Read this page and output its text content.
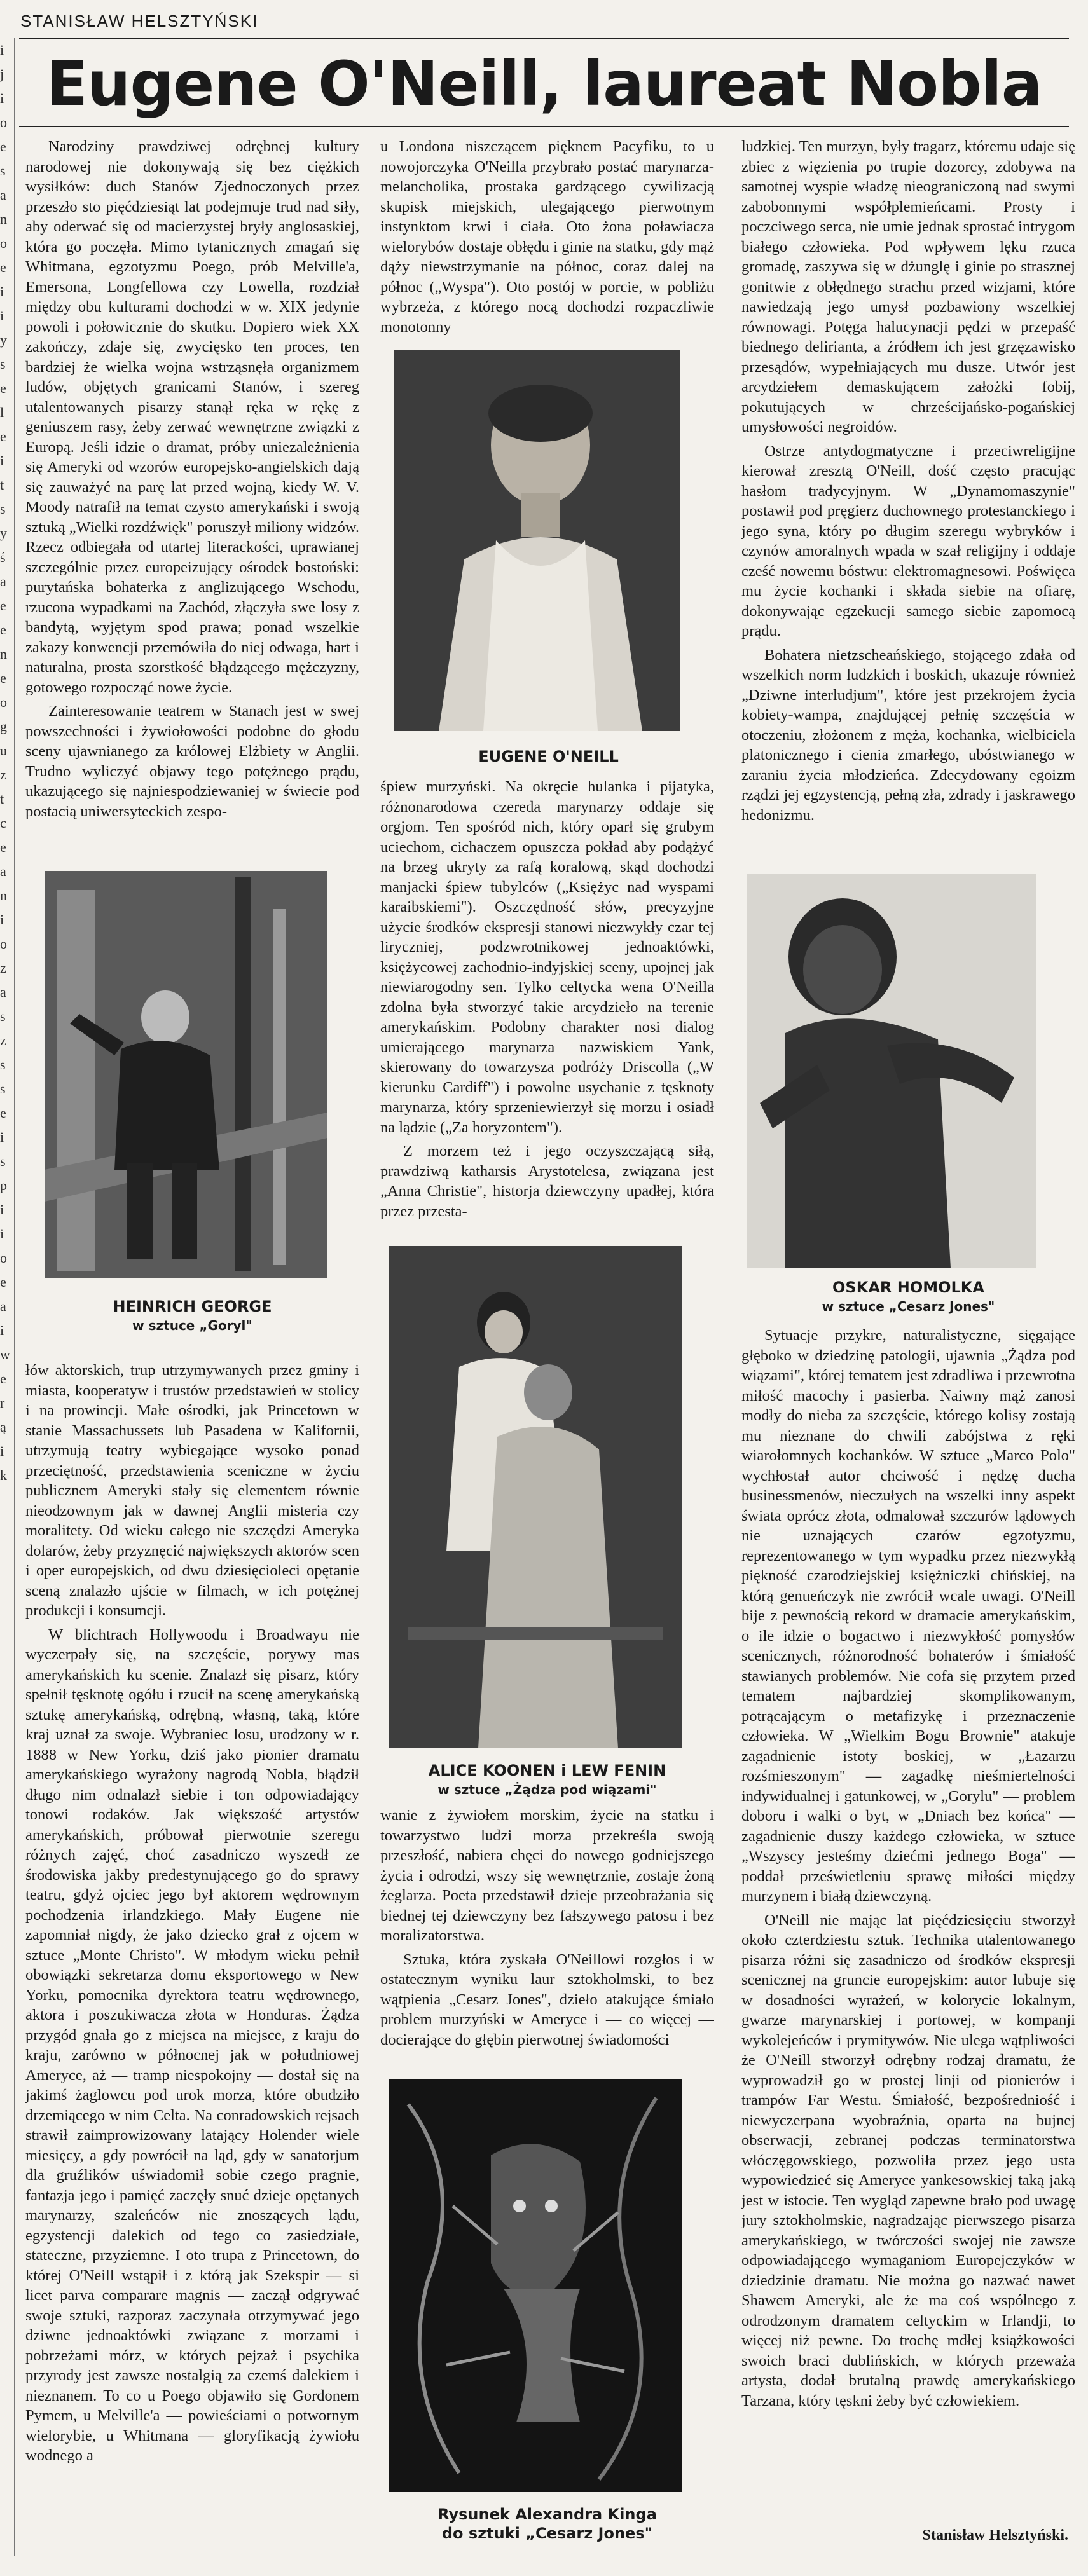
i
j
i
o
e
s
a
n
o
e
i
i
y
s
e
l
e
i
t
s
y
ś
a
e
e
n
e
o
g
u
z
t
c
e
a
n
i
o
z
a
s
z
s
s
e
i
s
p
i
i
o
e
a
i
w
e
r
ą
i
k
STANISŁAW HELSZTYŃSKI
Eugene O'Neill, laureat Nobla

Narodziny prawdziwej odrębnej kultury narodowej nie dokonywają się bez ciężkich wysiłków: duch Stanów Zjednoczonych przez przeszło sto pięćdziesiąt lat podejmuje trud nad siły, aby oderwać się od macierzystej bryły anglosaskiej, która go poczęła. Mimo tytanicznych zmagań się Whitmana, egzotyzmu Poego, prób Melville'a, Emersona, Longfellowa czy Lowella, rozdział między obu kulturami dochodzi w w. XIX jedynie powoli i połowicznie do skutku. Dopiero wiek XX zakończy, zdaje się, zwycięsko ten proces, ten bardziej że wielka wojna wstrząsnęła organizmem ludów, objętych granicami Stanów, i szereg utalentowanych pisarzy stanął ręka w rękę z geniuszem rasy, żeby zerwać wewnętrzne związki z Europą. Jeśli idzie o dramat, próby uniezależnienia się Ameryki od wzorów europejsko-angielskich dają się zauważyć na parę lat przed wojną, kiedy W. V. Moody natrafił na temat czysto amerykański i swoją sztuką „Wielki rozdźwięk" poruszył miliony widzów. Rzecz odbiegała od utartej literackości, uprawianej szczególnie przez europeizujący ośrodek bostoński: purytańska bohaterka z anglizującego Wschodu, rzucona wypadkami na Zachód, złączyła swe losy z bandytą, wyjętym spod prawa; ponad wszelkie zakazy konwencji przemówiła do niej odwaga, hart i naturalna, prosta szorstkość błądzącego mężczyzny, gotowego rozpocząć nowe życie.

Zainteresowanie teatrem w Stanach jest w swej powszechności i żywiołowości podobne do głodu sceny ujawnianego za królowej Elżbiety w Anglii. Trudno wyliczyć objawy tego potężnego prądu, ukazującego się najniespodziewaniej w świecie pod postacią uniwersyteckich zespo-

u Londona niszczącem pięknem Pacyfiku, to u nowojorczyka O'Neilla przybrało postać marynarza-melancholika, prostaka gardzącego cywilizacją skupisk miejskich, ulegającego pierwotnym instynktom krwi i ciała. Oto żona poławiacza wielorybów dostaje obłędu i ginie na statku, gdy mąż dąży niewstrzymanie na północ, coraz dalej na północ („Wyspa"). Oto postój w porcie, w pobliżu wybrzeża, z którego nocą dochodzi rozpaczliwie monotonny

EUGENE O'NEILL

śpiew murzyński. Na okręcie hulanka i pijatyka, różnonarodowa czereda marynarzy oddaje się orgjom. Ten spośród nich, który oparł się grubym uciechom, cichaczem opuszcza pokład aby podążyć na brzeg ukryty za rafą koralową, skąd dochodzi manjacki śpiew tubylców („Księżyc nad wyspami karaibskiemi"). Oszczędność słów, precyzyjne użycie środków ekspresji stanowi niezwykły czar tej liryczniej, podzwrotnikowej jednoaktówki, księżycowej zachodnio-indyjskiej sceny, upojnej jak niewiarogodny sen. Tylko celtycka wena O'Neilla zdolna była stworzyć takie arcydzieło na terenie amerykańskim. Podobny charakter nosi dialog umierającego marynarza nazwiskiem Yank, skierowany do towarzysza podróży Driscolla („W kierunku Cardiff") i powolne usychanie z tęsknoty marynarza, który sprzeniewierzył się morzu i osiadł na lądzie („Za horyzontem").

Z morzem też i jego oczyszczającą siłą, prawdziwą katharsis Arystotelesa, związana jest „Anna Christie", historja dziewczyny upadłej, która przez przesta-

ludzkiej. Ten murzyn, były tragarz, któremu udaje się zbiec z więzienia po trupie dozorcy, zdobywa na samotnej wyspie władzę nieograniczoną nad swymi zabobonnymi współplemieńcami. Prosty i poczciwego serca, nie umie jednak sprostać intrygom białego człowieka. Pod wpływem lęku rzuca gromadę, zaszywa się w dżunglę i ginie po strasznej gonitwie z obłędnego strachu przed wizjami, które nawiedzają jego umysł pozbawiony wszelkiej równowagi. Potęga halucynacji pędzi w przepaść biednego delirianta, a źródłem ich jest grzęzawisko przesądów, wypełniających mu dusze. Utwór jest arcydziełem demaskującem założki fobij, pokutujących w chrześcijańsko-pogańskiej umysłowości negroidów.

Ostrze antydogmatyczne i przeciwreligijne kierował zresztą O'Neill, dość często pracując hasłom tradycyjnym. W „Dynamomaszynie" postawił pod pręgierz duchownego protestanckiego i jego syna, który po długim szeregu wybryków i czynów amoralnych wpada w szał religijny i oddaje cześć nowemu bóstwu: elektromagnesowi. Poświęca mu życie kochanki i składa siebie na ofiarę, dokonywając egzekucji samego siebie zapomocą prądu.

Bohatera nietzscheańskiego, stojącego zdała od wszelkich norm ludzkich i boskich, ukazuje również „Dziwne interludjum", które jest przekrojem życia kobiety-wampa, znajdującej pełnię szczęścia w otoczeniu, złożonem z męża, kochanka, wielbiciela platonicznego i cienia zmarłego, ubóstwianego w zaraniu życia młodzieńca. Zdecydowany egoizm rządzi jej egzystencją, pełną zła, zdrady i jaskrawego hedonizmu.

HEINRICH GEORGE
w sztuce „Goryl"
OSKAR HOMOLKA
w sztuce „Cesarz Jones"
ALICE KOONEN i LEW FENIN
w sztuce „Żądza pod wiązami"

łów aktorskich, trup utrzymywanych przez gminy i miasta, kooperatyw i trustów przedstawień w stolicy i na prowincji. Małe ośrodki, jak Princetown w stanie Massachussets lub Pasadena w Kalifornii, utrzymują teatry wybiegające wysoko ponad przeciętność, przedstawienia sceniczne w życiu publicznem Ameryki stały się elementem równie nieodzownym jak w dawnej Anglii misteria czy moralitety. Od wieku całego nie szczędzi Ameryka dolarów, żeby przyznęcić największych aktorów scen i oper europejskich, od dwu dziesięcioleci opętanie sceną znalazło ujście w filmach, w ich potężnej produkcji i konsumcji.

W blichtrach Hollywoodu i Broadwayu nie wyczerpały się, na szczęście, porywy mas amerykańskich ku scenie. Znalazł się pisarz, który spełnił tęsknotę ogółu i rzucił na scenę amerykańską sztukę amerykańską, odrębną, własną, taką, które kraj uznał za swoje. Wybraniec losu, urodzony w r. 1888 w New Yorku, dziś jako pionier dramatu amerykańskiego wyrażony nagrodą Nobla, błądził długo nim odnalazł siebie i ton odpowiadający tonowi rodaków. Jak większość artystów amerykańskich, próbował pierwotnie szeregu różnych zajęć, choć zasadniczo wyszedł ze środowiska jakby predestynującego go do sprawy teatru, gdyż ojciec jego był aktorem wędrownym pochodzenia irlandzkiego. Mały Eugene nie zapomniał nigdy, że jako dziecko grał z ojcem w sztuce „Monte Christo". W młodym wieku pełnił obowiązki sekretarza domu eksportowego w New Yorku, pomocnika dyrektora teatru wędrownego, aktora i poszukiwacza złota w Honduras. Żądza przygód gnała go z miejsca na miejsce, z kraju do kraju, zarówno w północnej jak w południowej Ameryce, aż — tramp niespokojny — dostał się na jakimś żaglowcu pod urok morza, które obudziło drzemiącego w nim Celta. Na conradowskich rejsach strawił zaimprowizowany latający Holender wiele miesięcy, a gdy powrócił na ląd, gdy w sanatorjum dla gruźlików uświadomił sobie czego pragnie, fantazja jego i pamięć zaczęły snuć dzieje opętanych marynarzy, szaleńców nie znoszących lądu, egzystencji dalekich od tego co zasiedziałe, stateczne, przyziemne. I oto trupa z Princetown, do której O'Neill wstąpił i z którą jak Szekspir — si licet parva comparare magnis — zaczął odgrywać swoje sztuki, razporaz zaczynała otrzymywać jego dziwne jednoaktówki związane z morzami i pobrzeżami mórz, w których pejzaż i psychika przyrody jest zawsze nostalgią za czemś dalekiem i nieznanem. To co u Poego objawiło się Gordonem Pymem, u Melville'a — powieściami o potwornym wielorybie, u Whitmana — gloryfikacją żywiołu wodnego a

wanie z żywiołem morskim, życie na statku i towarzystwo ludzi morza przekreśla swoją przeszłość, nabiera chęci do nowego godniejszego życia i odrodzi, wszy się wewnętrznie, zostaje żoną żeglarza. Poeta przedstawił dzieje przeobrażania się biednej tej dziewczyny bez fałszywego patosu i bez moralizatorstwa.

Sztuka, która zyskała O'Neillowi rozgłos i w ostatecznym wyniku laur sztokholmski, to bez wątpienia „Cesarz Jones", dzieło atakujące śmiało problem murzyński w Ameryce i — co więcej — docierające do głębin pierwotnej świadomości

Rysunek Alexandra Kinga
do sztuki „Cesarz Jones"

Sytuacje przykre, naturalistyczne, sięgające głęboko w dziedzinę patologii, ujawnia „Żądza pod wiązami", której tematem jest zdradliwa i przewrotna miłość macochy i pasierba. Naiwny mąż zanosi modły do nieba za szczęście, którego kolisy zostają mu nieznane do chwili zabójstwa z ręki wiarołomnych kochanków. W sztuce „Marco Polo" wychłostał autor chciwość i nędzę ducha businessmenów, nieczułych na wszelki inny aspekt świata oprócz złota, odmalował szczurów lądowych nie uznających czarów egzotyzmu, reprezentowanego w tym wypadku przez niezwykłą piękność czarodziejskiej księżniczki chińskiej, na którą genueńczyk nie zwrócił wcale uwagi. O'Neill bije z pewnością rekord w dramacie amerykańskim, o ile idzie o bogactwo i niezwykłość pomysłów scenicznych, różnorodność bohaterów i śmiałość stawianych problemów. Nie cofa się przytem przed tematem najbardziej skomplikowanym, potrącającym o metafizykę i przeznaczenie człowieka. W „Wielkim Bogu Brownie" atakuje zagadnienie istoty boskiej, w „Łazarzu rozśmieszonym" — zagadkę nieśmiertelności indywidualnej i gatunkowej, w „Gorylu" — problem doboru i walki o byt, w „Dniach bez końca" — zagadnienie duszy każdego człowieka, w sztuce „Wszyscy jesteśmy dziećmi jednego Boga" — poddał prześwietleniu sprawę miłości między murzynem i białą dziewczyną.

O'Neill nie mając lat pięćdziesięciu stworzył około czterdziestu sztuk. Technika utalentowanego pisarza różni się zasadniczo od środków ekspresji scenicznej na gruncie europejskim: autor lubuje się w dosadności wyrażeń, w kolorycie lokalnym, gwarze marynarskiej i portowej, w kompanji wykolejeńców i prymitywów. Nie ulega wątpliwości że O'Neill stworzył odrębny rodzaj dramatu, że wyprowadził go w prostej linji od pionierów i trampów Far Westu. Śmiałość, bezpośredniość i niewyczerpana wyobraźnia, oparta na bujnej obserwacji, zebranej podczas terminatorstwa włóczęgowskiego, pozwoliła przez jego usta wypowiedzieć się Ameryce yankesowskiej taką jaką jest w istocie. Ten wygląd zapewne brało pod uwagę jury sztokholmskie, nagradzając pierwszego pisarza amerykańskiego, w twórczości swojej nie zawsze odpowiadającego wymaganiom Europejczyków w dziedzinie dramatu. Nie można go nazwać nawet Shawem Ameryki, ale że ma coś wspólnego z odrodzonym dramatem celtyckim w Irlandji, to więcej niż pewne. Do trochę mdłej książkowości swoich braci dublińskich, w których przeważa artysta, dodał brutalną prawdę amerykańskiego Tarzana, który tęskni żeby być człowiekiem.

Stanisław Helsztyński.
